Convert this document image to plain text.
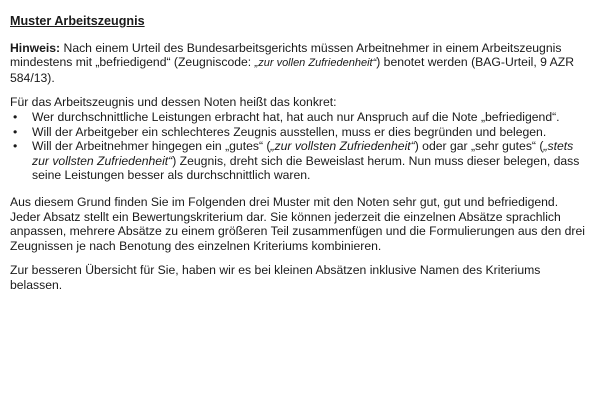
Muster Arbeitszeugnis

Hinweis: Nach einem Urteil des Bundesarbeitsgerichts müssen Arbeitnehmer in einem Arbeitszeugnis mindestens mit „befriedigend“ (Zeugniscode: „zur vollen Zufriedenheit“) benotet werden (BAG-Urteil, 9 AZR 584/13).

Für das Arbeitszeugnis und dessen Noten heißt das konkret:

• Wer durchschnittliche Leistungen erbracht hat, hat auch nur Anspruch auf die Note „befriedigend“.
• Will der Arbeitgeber ein schlechteres Zeugnis ausstellen, muss er dies begründen und belegen.
• Will der Arbeitnehmer hingegen ein „gutes“ („zur vollsten Zufriedenheit“) oder gar „sehr gutes“ („stets zur vollsten Zufriedenheit“) Zeugnis, dreht sich die Beweislast herum. Nun muss dieser belegen, dass seine Leistungen besser als durchschnittlich waren.

Aus diesem Grund finden Sie im Folgenden drei Muster mit den Noten sehr gut, gut und befriedigend. Jeder Absatz stellt ein Bewertungskriterium dar. Sie können jederzeit die einzelnen Absätze sprachlich anpassen, mehrere Absätze zu einem größeren Teil zusammenfügen und die Formulierungen aus den drei Zeugnissen je nach Benotung des einzelnen Kriteriums kombinieren.

Zur besseren Übersicht für Sie, haben wir es bei kleinen Absätzen inklusive Namen des Kriteriums belassen.
